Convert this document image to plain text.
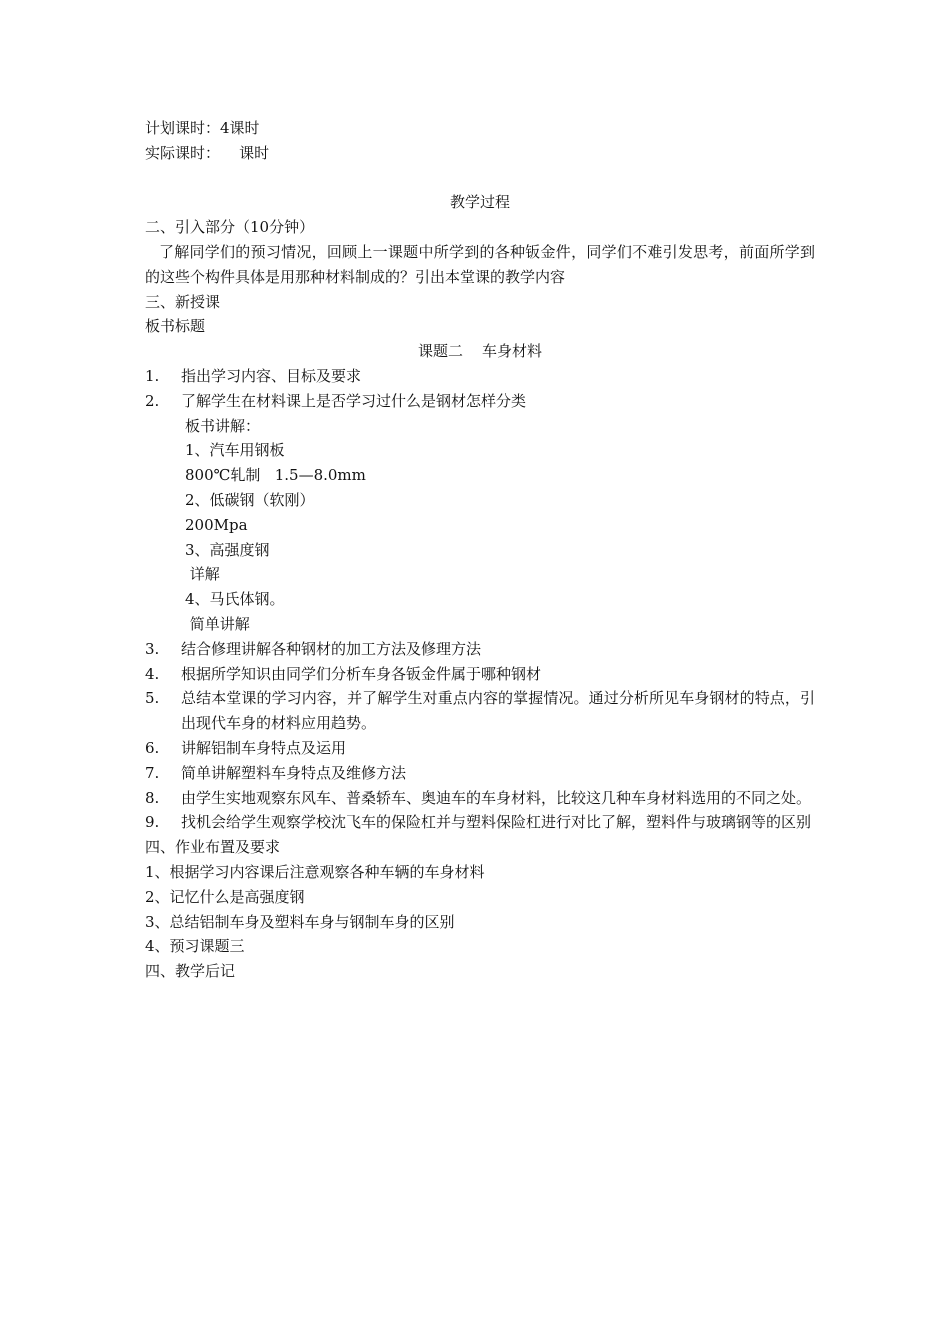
计划课时：4课时
实际课时：    课时
教学过程
二、引入部分（10分钟）
了解同学们的预习情况，回顾上一课题中所学到的各种钣金件，同学们不难引发思考，前面所学到的这些个构件具体是用那种材料制成的？引出本堂课的教学内容
三、新授课
板书标题
课题二    车身材料
1.	指出学习内容、目标及要求
2.	了解学生在材料课上是否学习过什么是钢材怎样分类
板书讲解：
1、汽车用钢板
800℃轧制   1.5—8.0mm
2、低碳钢（软刚）
200Mpa
3、高强度钢
详解
4、马氏体钢。
简单讲解
3.	结合修理讲解各种钢材的加工方法及修理方法
4.	根据所学知识由同学们分析车身各钣金件属于哪种钢材
5.	总结本堂课的学习内容，并了解学生对重点内容的掌握情况。通过分析所见车身钢材的特点，引出现代车身的材料应用趋势。
6.	讲解铝制车身特点及运用
7.	简单讲解塑料车身特点及维修方法
8.	由学生实地观察东风车、普桑轿车、奥迪车的车身材料，比较这几种车身材料选用的不同之处。
9.	找机会给学生观察学校沈飞车的保险杠并与塑料保险杠进行对比了解，塑料件与玻璃钢等的区别
四、作业布置及要求
1、根据学习内容课后注意观察各种车辆的车身材料
2、记忆什么是高强度钢
3、总结铝制车身及塑料车身与钢制车身的区别
4、预习课题三
四、教学后记
